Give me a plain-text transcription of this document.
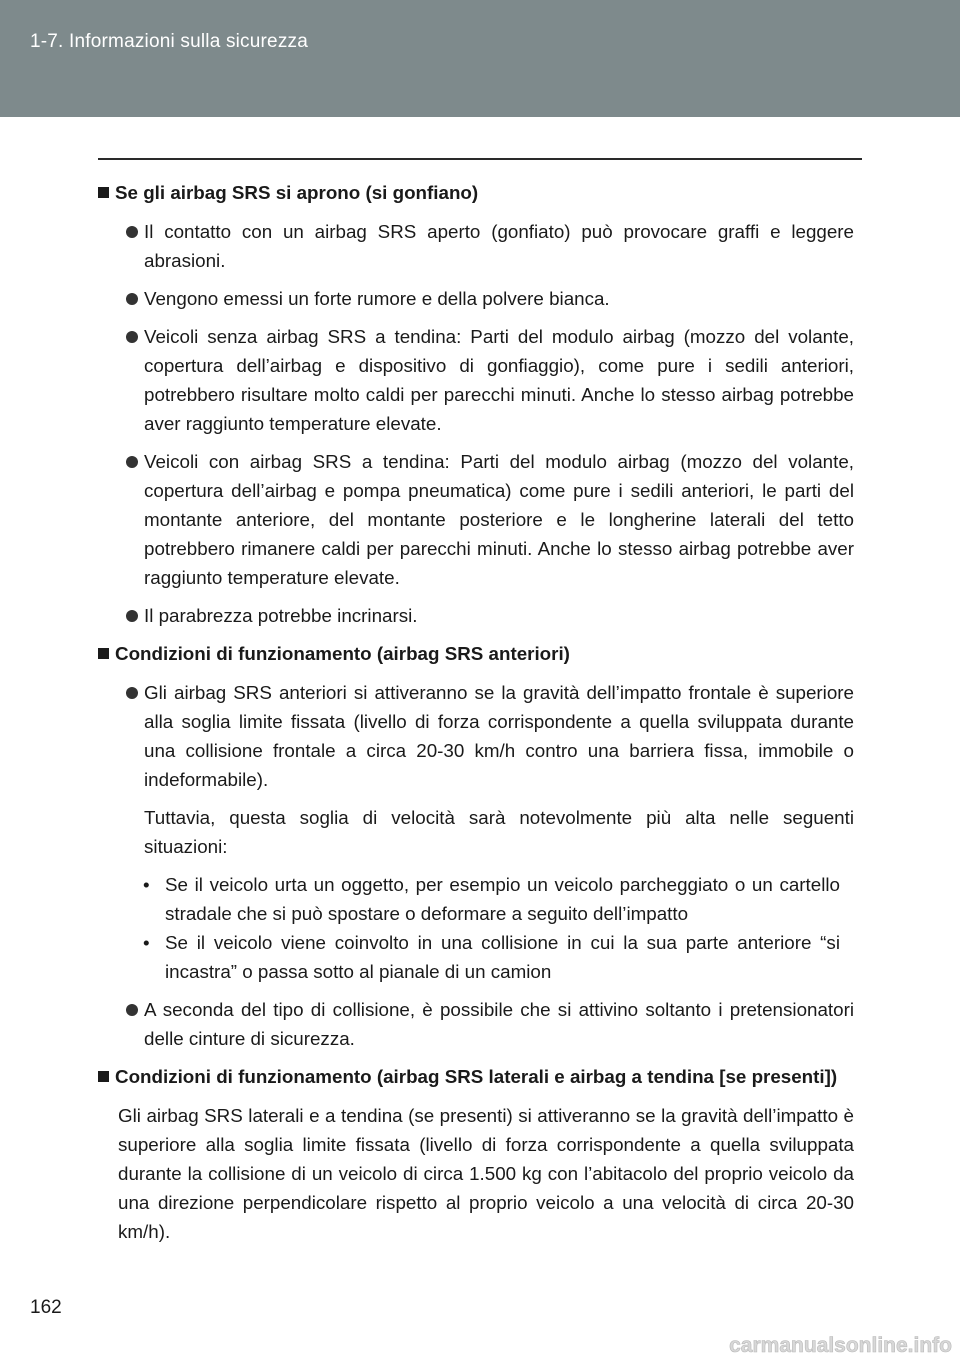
1-7. Informazioni sulla sicurezza
Se gli airbag SRS si aprono (si gonfiano)
Il contatto con un airbag SRS aperto (gonfiato) può provocare graffi e leggere abrasioni.
Vengono emessi un forte rumore e della polvere bianca.
Veicoli senza airbag SRS a tendina: Parti del modulo airbag (mozzo del volante, copertura dell’airbag e dispositivo di gonfiaggio), come pure i sedili anteriori, potrebbero risultare molto caldi per parecchi minuti. Anche lo stesso airbag potrebbe aver raggiunto temperature elevate.
Veicoli con airbag SRS a tendina: Parti del modulo airbag (mozzo del volante, copertura dell’airbag e pompa pneumatica) come pure i sedili anteriori, le parti del montante anteriore, del montante posteriore e le longherine laterali del tetto potrebbero rimanere caldi per parecchi minuti. Anche lo stesso airbag potrebbe aver raggiunto temperature elevate.
Il parabrezza potrebbe incrinarsi.
Condizioni di funzionamento (airbag SRS anteriori)
Gli airbag SRS anteriori si attiveranno se la gravità dell’impatto frontale è superiore alla soglia limite fissata (livello di forza corrispondente a quella sviluppata durante una collisione frontale a circa 20-30 km/h contro una barriera fissa, immobile o indeformabile).
Tuttavia, questa soglia di velocità sarà notevolmente più alta nelle seguenti situazioni:
• Se il veicolo urta un oggetto, per esempio un veicolo parcheggiato o un cartello stradale che si può spostare o deformare a seguito dell’impatto
• Se il veicolo viene coinvolto in una collisione in cui la sua parte anteriore “si incastra” o passa sotto al pianale di un camion
A seconda del tipo di collisione, è possibile che si attivino soltanto i pretensionatori delle cinture di sicurezza.
Condizioni di funzionamento (airbag SRS laterali e airbag a tendina [se presenti])
Gli airbag SRS laterali e a tendina (se presenti) si attiveranno se la gravità dell’impatto è superiore alla soglia limite fissata (livello di forza corrispondente a quella sviluppata durante la collisione di un veicolo di circa 1.500 kg con l’abitacolo del proprio veicolo da una direzione perpendicolare rispetto al proprio veicolo a una velocità di circa 20-30 km/h).
162
carmanualsonline.info
